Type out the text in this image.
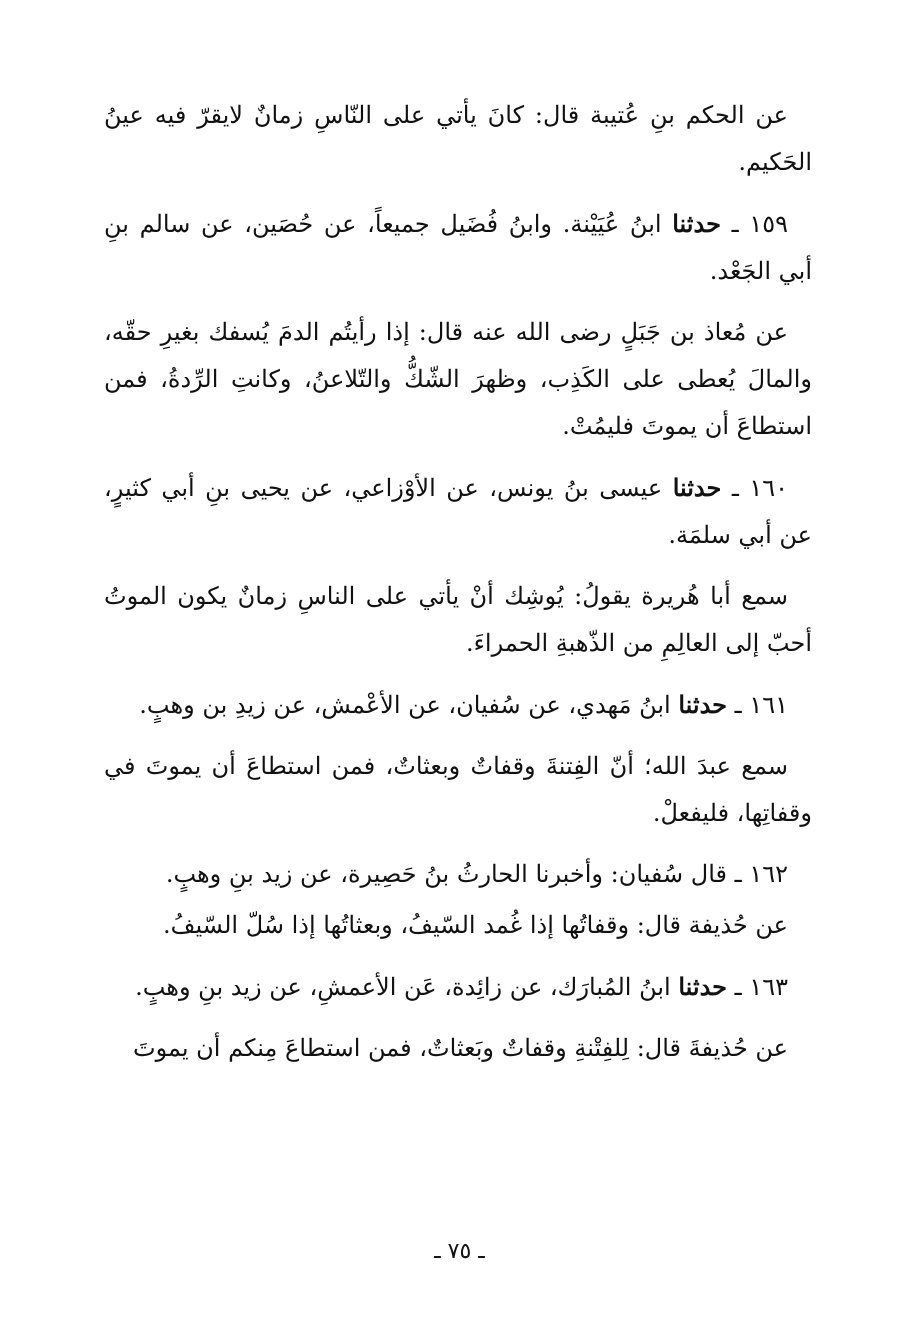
عن الحكم بنِ عُتيبة قال: كانَ يأتي على النّاسِ زمانٌ لايقرّ فيه عينُ الحَكيم.

١٥٩ ـ حدثنا ابنُ عُيَيْنة. وابنُ فُضَيل جميعاً، عن حُصَين، عن سالم بنِ أبي الجَعْد.

عن مُعاذ بن جَبَلٍ رضى الله عنه قال: إذا رأيتُم الدمَ يُسفك بغيرِ حقّه، والمالَ يُعطى على الكَذِب، وظهرَ الشّكُّ والتّلاعنُ، وكانتِ الرِّدةُ، فمن استطاعَ أن يموتَ فليمُتْ.

١٦٠ ـ حدثنا عيسى بنُ يونس، عن الأوْزاعي، عن يحيى بنِ أبي كثيرٍ، عن أبي سلمَة.

سمع أبا هُريرة يقولُ: يُوشِك أنْ يأتي على الناسِ زمانٌ يكون الموتُ أحبّ إلى العالِمِ من الذّهبةِ الحمراءَ.

١٦١ ـ حدثنا ابنُ مَهدي، عن سُفيان، عن الأعْمش، عن زيدِ بن وهبٍ.

سمع عبدَ الله؛ أنّ الفِتنةَ وقفاتٌ وبعثاتٌ، فمن استطاعَ أن يموتَ في وقفاتِها، فليفعلْ.

١٦٢ ـ قال سُفيان: وأخبرنا الحارثُ بنُ حَصِيرة، عن زيد بنِ وهبٍ.

عن حُذيفة قال: وقفاتُها إذا غُمد السّيفُ، وبعثاتُها إذا سُلّ السّيفُ.

١٦٣ ـ حدثنا ابنُ المُبارَك، عن زائِدة، عَن الأعمشِ، عن زيد بنِ وهبٍ.

عن حُذيفةَ قال: لِلفِتْنةِ وقفاتٌ وبَعثاتٌ، فمن استطاعَ مِنكم أن يموتَ

ـ ٧٥ ـ
